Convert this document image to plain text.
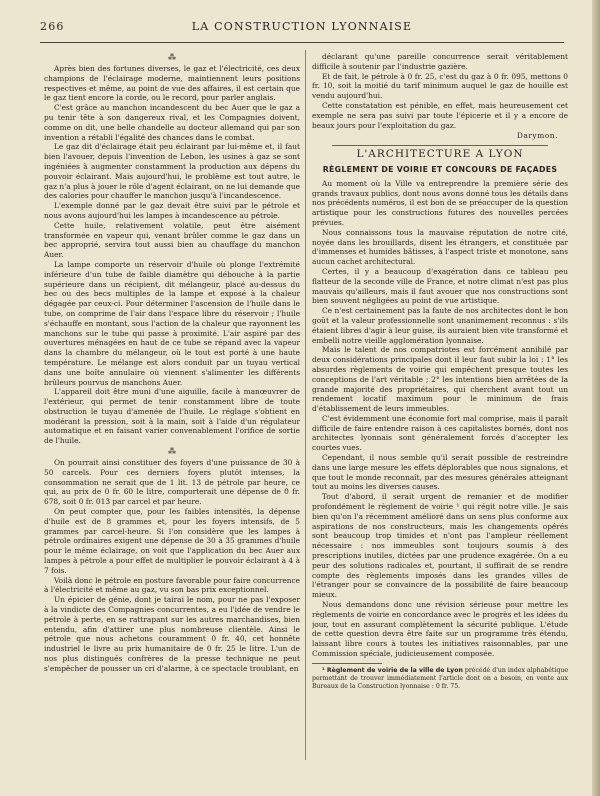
266	LA CONSTRUCTION LYONNAISE
⁂

Après bien des fortunes diverses, le gaz et l'électricité, ces deux champions de l'éclairage moderne, maintiennent leurs positions respectives et même, au point de vue des affaires, il est certain que le gaz tient encore la corde, ou le record, pour parler anglais.

C'est grâce au manchon incandescent du bec Auer que le gaz a pu tenir tête à son dangereux rival, et les Compagnies doivent, comme on dit, une belle chandelle au docteur allemand qui par son invention a rétabli l'égalité des chances dans le combat.

Le gaz dit d'éclairage était peu éclairant par lui-même et, il faut bien l'avouer, depuis l'invention de Lebon, les usines à gaz se sont ingéniées à augmenter constamment la production aux dépens du pouvoir éclairant. Mais aujourd'hui, le problème est tout autre, le gaz n'a plus à jouer le rôle d'agent éclairant, on ne lui demande que des calories pour chauffer le manchon jusqu'à l'incandescence.

L'exemple donné par le gaz devait être suivi par le pétrole et nous avons aujourd'hui les lampes à incandescence au pétrole.

Cette huile, relativement volatile, peut être aisément transformée en vapeur qui, venant brûler comme le gaz dans un bec approprié, servira tout aussi bien au chauffage du manchon Auer.

La lampe comporte un réservoir d'huile où plonge l'extrémité inférieure d'un tube de faible diamètre qui débouche à la partie supérieure dans un récipient, dit mélangeur, placé au-dessus du bec ou des becs multiples de la lampe et exposé à la chaleur dégagée par ceux-ci. Pour déterminer l'ascension de l'huile dans le tube, on comprime de l'air dans l'espace libre du réservoir ; l'huile s'échauffe en montant, sous l'action de la chaleur que rayonnent les manchons sur le tube qui passe à proximité. L'air aspiré par des ouvertures ménagées en haut de ce tube se répand avec la vapeur dans la chambre du mélangeur, où le tout est porté à une haute température. Le mélange est alors conduit par un tuyau vertical dans une boîte annulaire où viennent s'alimenter les différents brûleurs pourvus de manchons Auer.

L'appareil doit être muni d'une aiguille, facile à manœuvrer de l'extérieur, qui permet de tenir constamment libre de toute obstruction le tuyau d'amenée de l'huile. Le réglage s'obtient en modérant la pression, soit à la main, soit à l'aide d'un régulateur automatique et en faisant varier convenablement l'orifice de sortie de l'huile.

⁂

On pourrait ainsi constituer des foyers d'une puissance de 30 à 50 carcels. Pour ces derniers foyers plutôt intenses, la consommation ne serait que de 1 lit. 13 de pétrole par heure, ce qui, au prix de 0 fr. 60 le litre, comporterait une dépense de 0 fr. 678, soit 0 fr. 013 par carcel et par heure.

On peut compter que, pour les faibles intensités, la dépense d'huile est de 8 grammes et, pour les foyers intensifs, de 5 grammes par carcel-heure. Si l'on considère que les lampes à pétrole ordinaires exigent une dépense de 30 à 35 grammes d'huile pour le même éclairage, on voit que l'application du bec Auer aux lampes à pétrole a pour effet de multiplier le pouvoir éclairant à 4 à 7 fois.

Voilà donc le pétrole en posture favorable pour faire concurrence à l'électricité et même au gaz, vu son bas prix exceptionnel.

Un épicier de génie, dont je tairai le nom, pour ne pas l'exposer à la vindicte des Compagnies concurrentes, a eu l'idée de vendre le pétrole à perte, en se rattrapant sur les autres marchandises, bien entendu, afin d'attirer une plus nombreuse clientèle. Ainsi le pétrole que nous achetons couramment 0 fr. 40, cet honnête industriel le livre au prix humanitaire de 0 fr. 25 le litre. L'un de nos plus distingués confrères de la presse technique ne peut s'empêcher de pousser un cri d'alarme, à ce spectacle troublant, en

déclarant qu'une pareille concurrence serait véritablement difficile à soutenir par l'industrie gazière.

Et de fait, le pétrole à 0 fr. 25, c'est du gaz à 0 fr. 095, mettons 0 fr. 10, soit la moitié du tarif minimum auquel le gaz de houille est vendu aujourd'hui.

Cette constatation est pénible, en effet, mais heureusement cet exemple ne sera pas suivi par toute l'épicerie et il y a encore de beaux jours pour l'exploitation du gaz.

Darymon.
L'ARCHITECTURE A LYON
RÈGLEMENT DE VOIRIE ET CONCOURS DE FAÇADES

Au moment où la Ville va entreprendre la première série des grands travaux publics, dont nous avons donné tous les détails dans nos précédents numéros, il est bon de se préoccuper de la question artistique pour les constructions futures des nouvelles percées prévues.

Nous connaissons tous la mauvaise réputation de notre cité, noyée dans les brouillards, disent les étrangers, et constituée par d'immenses et humides bâtisses, à l'aspect triste et monotone, sans aucun cachet architectural.

Certes, il y a beaucoup d'exagération dans ce tableau peu flatteur de la seconde ville de France, et notre climat n'est pas plus mauvais qu'ailleurs, mais il faut avouer que nos constructions sont bien souvent négligées au point de vue artistique.

Ce n'est certainement pas la faute de nos architectes dont le bon goût et la valeur professionnelle sont unanimement reconnus : s'ils étaient libres d'agir à leur guise, ils auraient bien vite transformé et embelli notre vieille agglomération lyonnaise.

Mais le talent de nos compatriotes est forcément annihilé par deux considérations principales dont il leur faut subir la loi : 1° les absurdes règlements de voirie qui empêchent presque toutes les conceptions de l'art véritable ; 2° les intentions bien arrêtées de la grande majorité des propriétaires, qui cherchent avant tout un rendement locatif maximum pour le minimum de frais d'établissement de leurs immeubles.

C'est évidemment une économie fort mal comprise, mais il paraît difficile de faire entendre raison à ces capitalistes bornés, dont nos architectes lyonnais sont généralement forcés d'accepter les courtes vues.

Cependant, il nous semble qu'il serait possible de restreindre dans une large mesure les effets déplorables que nous signalons, et que tout le monde reconnaît, par des mesures générales atteignant tout au moins les diverses causes.

Tout d'abord, il serait urgent de remanier et de modifier profondément le règlement de voirie ¹ qui régit notre ville. Je sais bien qu'on l'a récemment amélioré dans un sens plus conforme aux aspirations de nos constructeurs, mais les changements opérés sont beaucoup trop timides et n'ont pas l'ampleur réellement nécessaire : nos immeubles sont toujours soumis à des prescriptions inutiles, dictées par une prudence exagérée. On a eu peur des solutions radicales et, pourtant, il suffirait de se rendre compte des règlements imposés dans les grandes villes de l'étranger pour se convaincre de la possibilité de faire beaucoup mieux.

Nous demandons donc une révision sérieuse pour mettre les règlements de voirie en concordance avec le progrès et les idées du jour, tout en assurant complètement la sécurité publique. L'étude de cette question devra être faite sur un programme très étendu, laissant libre cours à toutes les initiatives raisonnables, par une Commission spéciale, judicieusement composée.

¹ Règlement de voirie de la ville de Lyon précédé d'un index alphabétique permettant de trouver immédiatement l'article dont on a besoin, en vente aux Bureaux de la Construction lyonnaise : 0 fr. 75.
